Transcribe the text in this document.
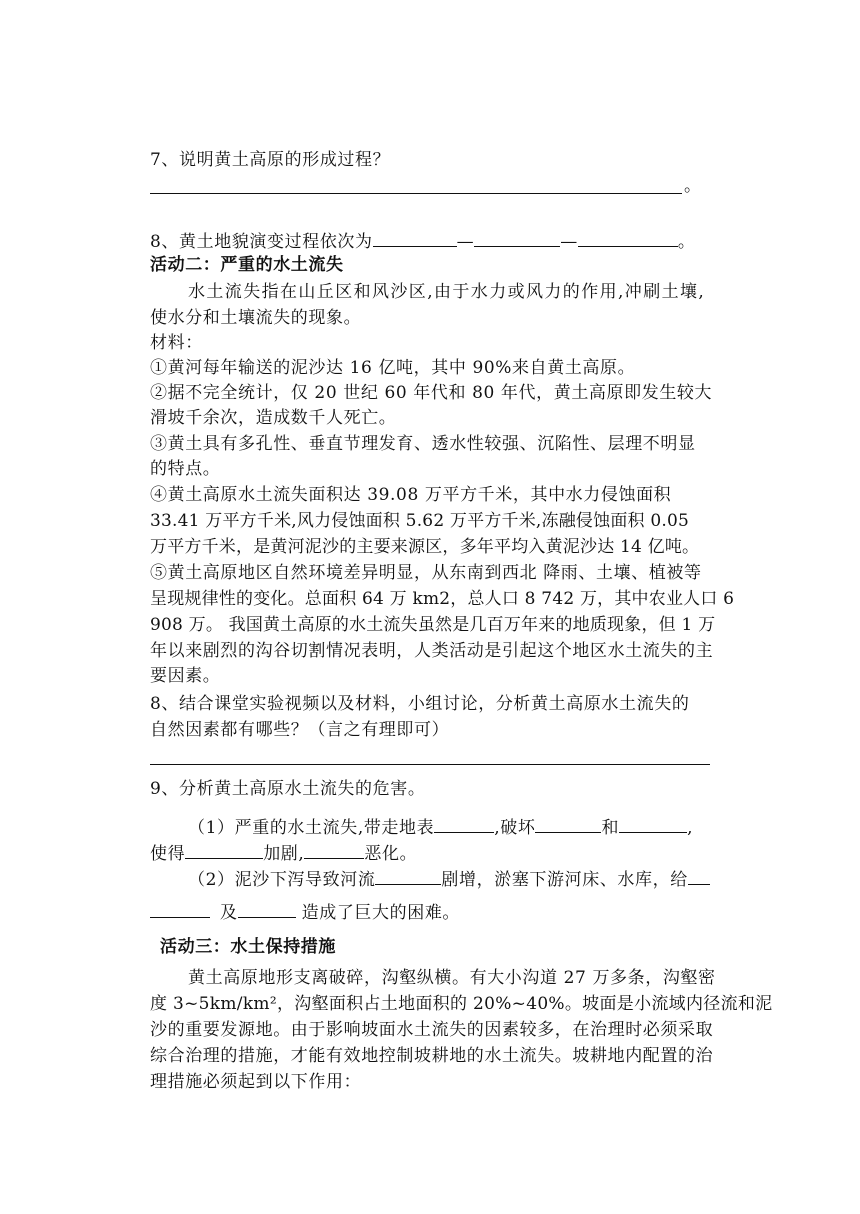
7、说明黄土高原的形成过程？
。
8、黄土地貌演变过程依次为	—	—	。
活动二：严重的水土流失
水土流失指在山丘区和风沙区,由于水力或风力的作用,冲刷土壤,
使水分和土壤流失的现象。
材料：
①黄河每年输送的泥沙达 16 亿吨，其中 90%来自黄土高原。
②据不完全统计，仅 20 世纪 60 年代和 80 年代，黄土高原即发生较大
滑坡千余次，造成数千人死亡。
③黄土具有多孔性、垂直节理发育、透水性较强、沉陷性、层理不明显
的特点。
④黄土高原水土流失面积达 39.08 万平方千米，其中水力侵蚀面积
33.41 万平方千米,风力侵蚀面积 5.62 万平方千米,冻融侵蚀面积 0.05
万平方千米，是黄河泥沙的主要来源区，多年平均入黄泥沙达 14 亿吨。
⑤黄土高原地区自然环境差异明显，从东南到西北 降雨、土壤、植被等
呈现规律性的变化。总面积 64 万 km2，总人口 8 742 万，其中农业人口 6
908 万。 我国黄土高原的水土流失虽然是几百万年来的地质现象，但 1 万
年以来剧烈的沟谷切割情况表明，人类活动是引起这个地区水土流失的主
要因素。
8、结合课堂实验视频以及材料，小组讨论，分析黄土高原水土流失的
自然因素都有哪些？（言之有理即可）
9、分析黄土高原水土流失的危害。
（1）严重的水土流失,带走地表	,破坏	和	,
使得	加剧,	恶化。
（2）泥沙下泻导致河流	剧增，淤塞下游河床、水库，给
及	造成了巨大的困难。
活动三：水土保持措施
黄土高原地形支离破碎，沟壑纵横。有大小沟道 27 万多条，沟壑密
度 3~5km/km²，沟壑面积占土地面积的 20%~40%。坡面是小流域内径流和泥
沙的重要发源地。由于影响坡面水土流失的因素较多，在治理时必须采取
综合治理的措施，才能有效地控制坡耕地的水土流失。坡耕地内配置的治
理措施必须起到以下作用：
